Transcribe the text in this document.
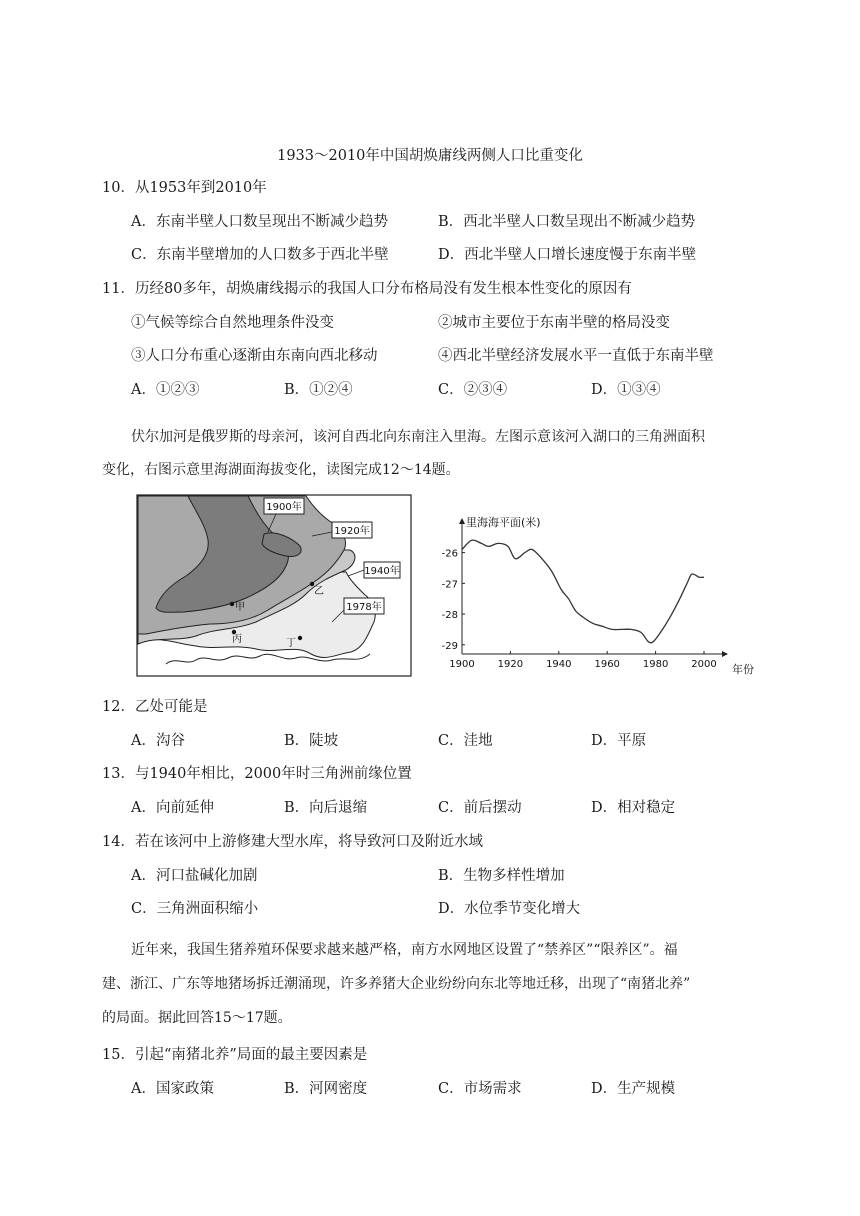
1933～2010年中国胡焕庸线两侧人口比重变化
10．从1953年到2010年
A．东南半壁人口数呈现出不断减少趋势	B．西北半壁人口数呈现出不断减少趋势
C．东南半壁增加的人口数多于西北半壁	D．西北半壁人口增长速度慢于东南半壁
11．历经80多年，胡焕庸线揭示的我国人口分布格局没有发生根本性变化的原因有
①气候等综合自然地理条件没变	②城市主要位于东南半壁的格局没变
③人口分布重心逐渐由东南向西北移动	④西北半壁经济发展水平一直低于东南半壁
A．①②③	B．①②④	C．②③④	D．①③④
伏尔加河是俄罗斯的母亲河，该河自西北向东南注入里海。左图示意该河入湖口的三角洲面积
变化，右图示意里海湖面海拔变化，读图完成12～14题。
1900年
1920年
1940年
1978年
甲
乙
丙	丁
1900 1920 1940 1960 1980 2000
-26
-27
-28
-29
里海海平面(米)
年份
12．乙处可能是
A．沟谷	B．陡坡	C．洼地	D．平原
13．与1940年相比，2000年时三角洲前缘位置
A．向前延伸	B．向后退缩	C．前后摆动	D．相对稳定
14．若在该河中上游修建大型水库，将导致河口及附近水域
A．河口盐碱化加剧	B．生物多样性增加
C．三角洲面积缩小	D．水位季节变化增大
近年来，我国生猪养殖环保要求越来越严格，南方水网地区设置了“禁养区”“限养区”。福
建、浙江、广东等地猪场拆迁潮涌现，许多养猪大企业纷纷向东北等地迁移，出现了“南猪北养”
的局面。据此回答15～17题。
15．引起“南猪北养”局面的最主要因素是
A．国家政策	B．河网密度	C．市场需求	D．生产规模
